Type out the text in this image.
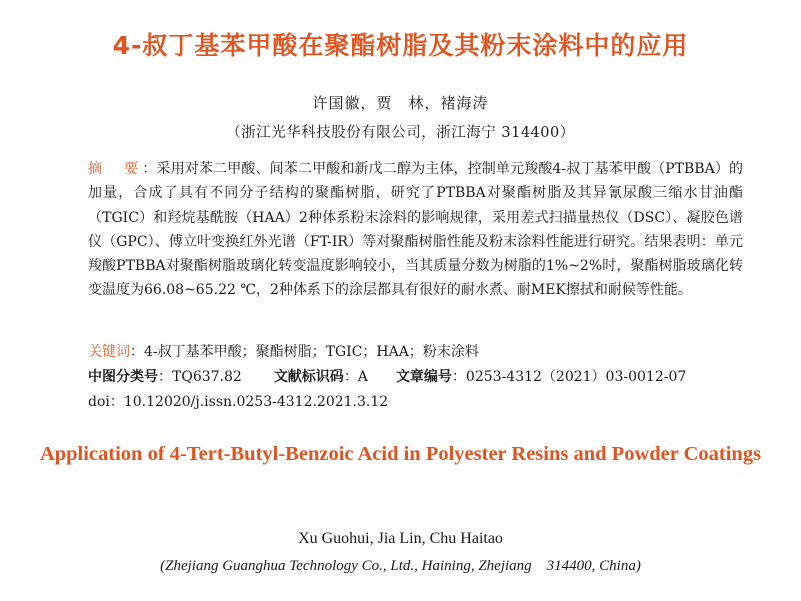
4-叔丁基苯甲酸在聚酯树脂及其粉末涂料中的应用
许国徽，贾　林，褚海涛
（浙江光华科技股份有限公司，浙江海宁 314400）
摘　要：采用对苯二甲酸、间苯二甲酸和新戊二醇为主体，控制单元羧酸4-叔丁基苯甲酸（PTBBA）的加量，合成了具有不同分子结构的聚酯树脂，研究了PTBBA对聚酯树脂及其异氰尿酸三缩水甘油酯（TGIC）和羟烷基酰胺（HAA）2种体系粉末涂料的影响规律，采用差式扫描量热仪（DSC）、凝胶色谱仪（GPC）、傅立叶变换红外光谱（FT-IR）等对聚酯树脂性能及粉末涂料性能进行研究。结果表明：单元羧酸PTBBA对聚酯树脂玻璃化转变温度影响较小，当其质量分数为树脂的1%~2%时，聚酯树脂玻璃化转变温度为66.08~65.22 ℃，2种体系下的涂层都具有很好的耐水煮、耐MEK擦拭和耐候等性能。
关键词：4-叔丁基苯甲酸；聚酯树脂；TGIC；HAA；粉末涂料
中图分类号：TQ637.82 文献标识码：A 文章编号：0253-4312（2021）03-0012-07
doi：10.12020/j.issn.0253-4312.2021.3.12
Application of 4-Tert-Butyl-Benzoic Acid in Polyester Resins and Powder Coatings
Xu Guohui, Jia Lin, Chu Haitao
(Zhejiang Guanghua Technology Co., Ltd., Haining, Zhejiang　314400, China)
